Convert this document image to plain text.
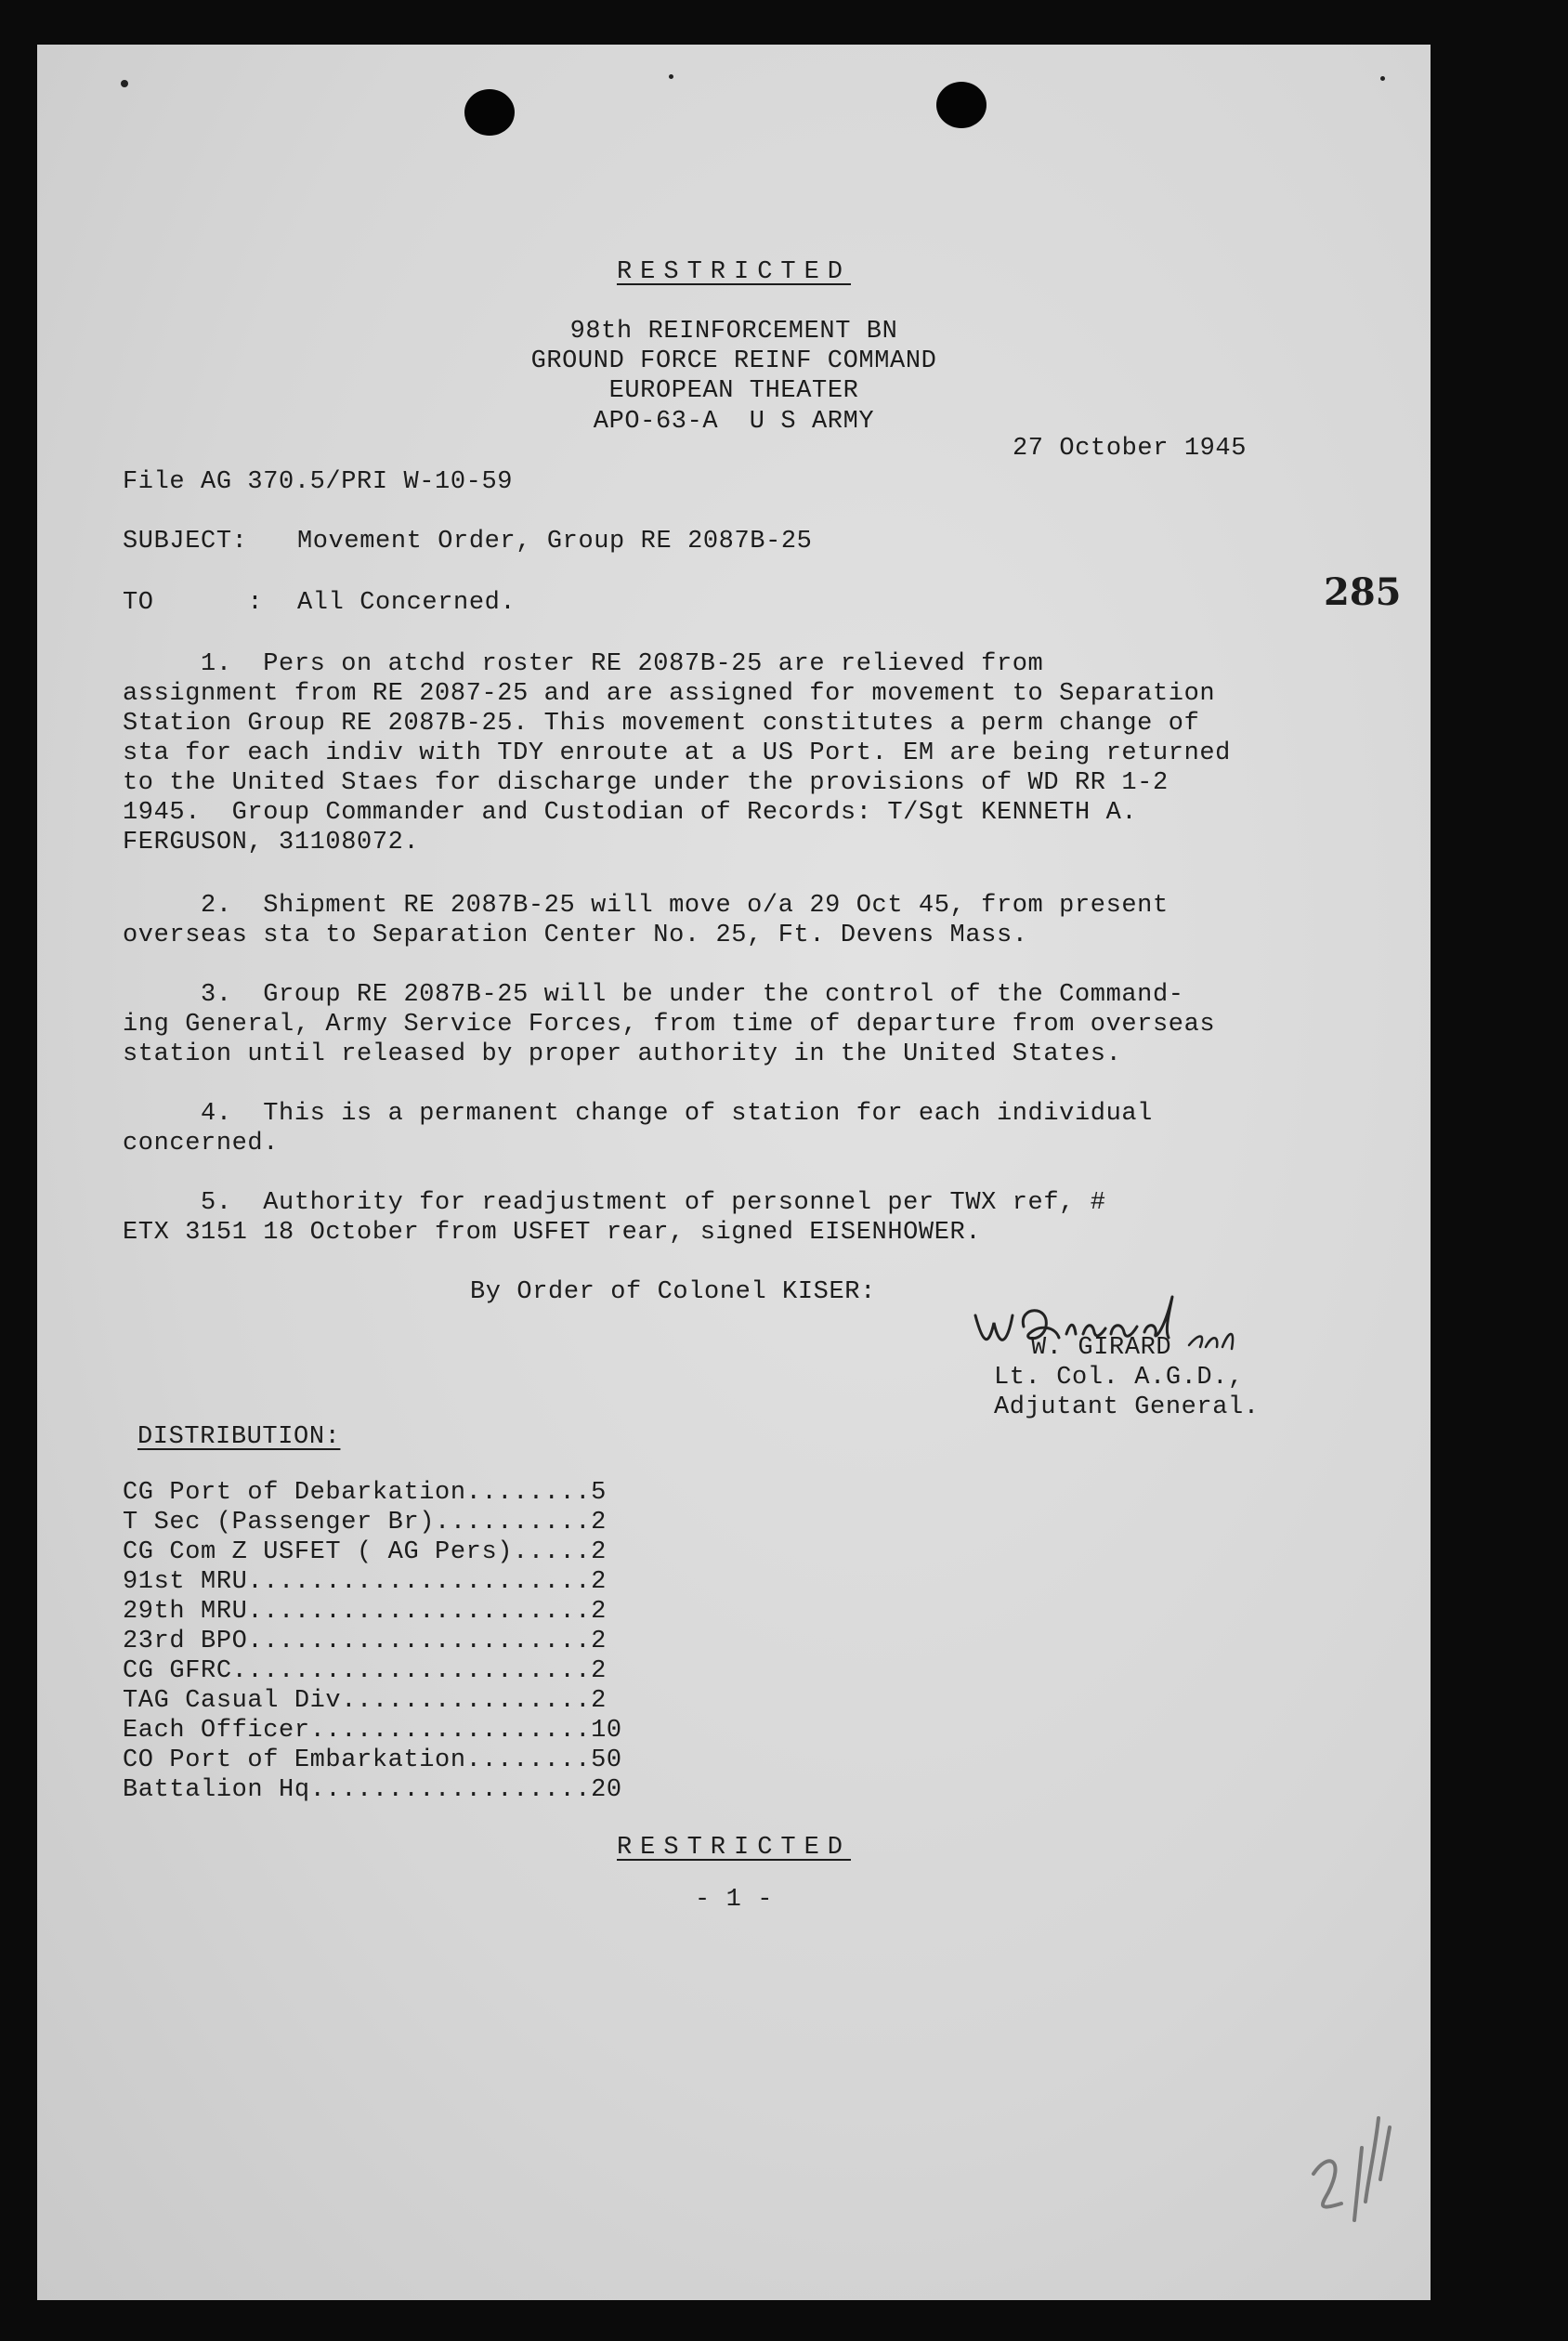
RESTRICTED
98th REINFORCEMENT BN
GROUND FORCE REINF COMMAND
EUROPEAN THEATER
APO-63-A  U S ARMY
27 October 1945
File AG 370.5/PRI W-10-59
SUBJECT: Movement Order, Group RE 2087B-25
TO      : All Concerned.	285
1.  Pers on atchd roster RE 2087B-25 are relieved from
assignment from RE 2087-25 and are assigned for movement to Separation
Station Group RE 2087B-25. This movement constitutes a perm change of
sta for each indiv with TDY enroute at a US Port. EM are being returned
to the United Staes for discharge under the provisions of WD RR 1-2
1945.  Group Commander and Custodian of Records: T/Sgt KENNETH A.
FERGUSON, 31108072.
2.  Shipment RE 2087B-25 will move o/a 29 Oct 45, from present
overseas sta to Separation Center No. 25, Ft. Devens Mass.
3.  Group RE 2087B-25 will be under the control of the Command-
ing General, Army Service Forces, from time of departure from overseas
station until released by proper authority in the United States.
4.  This is a permanent change of station for each individual
concerned.
5.  Authority for readjustment of personnel per TWX ref, #
ETX 3151 18 October from USFET rear, signed EISENHOWER.
By Order of Colonel KISER:
W. GIRARD
Lt. Col. A.G.D.,
Adjutant General.
DISTRIBUTION:
CG Port of Debarkation........5
T Sec (Passenger Br)..........2
CG Com Z USFET ( AG Pers).....2
91st MRU......................2
29th MRU......................2
23rd BPO......................2
CG GFRC.......................2
TAG Casual Div................2
Each Officer..................10
CO Port of Embarkation........50
Battalion Hq..................20
RESTRICTED
- 1 -
